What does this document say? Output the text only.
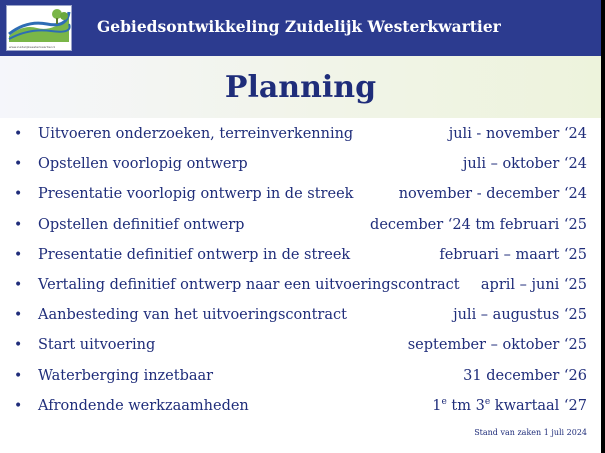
www.zuidelijkwesterkwartier.nl
Gebiedsontwikkeling Zuidelijk Westerkwartier
Planning
• Uitvoeren onderzoeken, terreinverkenning	juli - november ‘24
• Opstellen voorlopig ontwerp	juli – oktober ‘24
• Presentatie voorlopig ontwerp in de streek	november - december ‘24
• Opstellen definitief ontwerp	december ‘24 tm februari ‘25
• Presentatie definitief ontwerp in de streek	februari – maart ‘25
• Vertaling definitief ontwerp naar een uitvoeringscontract april – juni ‘25
• Aanbesteding van het uitvoeringscontract	juli – augustus ‘25
• Start uitvoering	september – oktober ‘25
• Waterberging inzetbaar	31 december ‘26
• Afrondende werkzaamheden	1e tm 3e kwartaal ‘27
Stand van zaken 1 juli 2024
